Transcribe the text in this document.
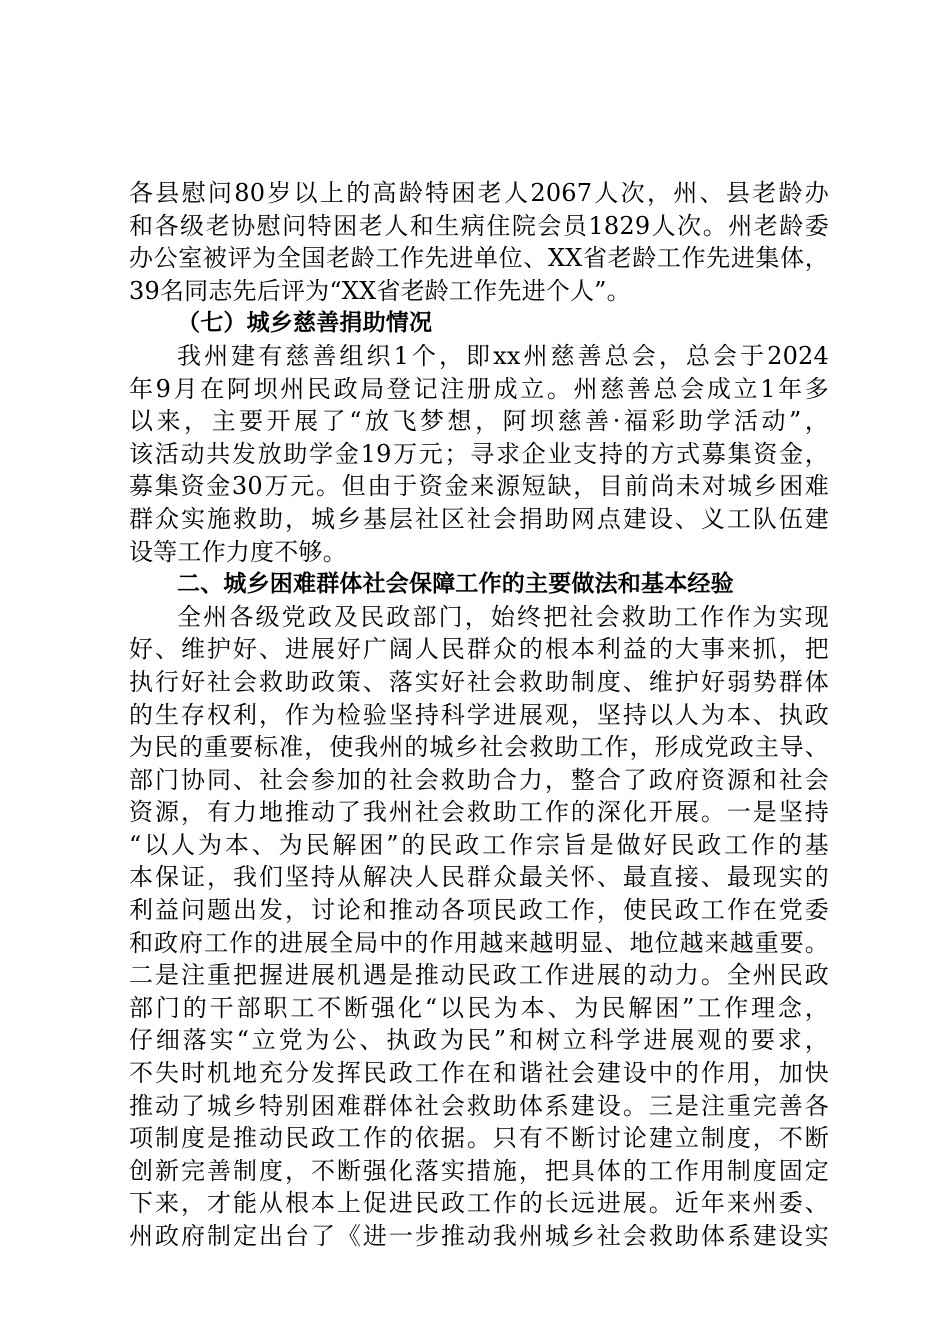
各县慰问80岁以上的高龄特困老人2067人次，州、县老龄办
和各级老协慰问特困老人和生病住院会员1829人次。州老龄委
办公室被评为全国老龄工作先进单位、XX省老龄工作先进集体，
39名同志先后评为“XX省老龄工作先进个人”。
（七）城乡慈善捐助情况
我州建有慈善组织1个，即xx州慈善总会，总会于2024
年9月在阿坝州民政局登记注册成立。州慈善总会成立1年多
以来，主要开展了“放飞梦想，阿坝慈善·福彩助学活动”，
该活动共发放助学金19万元；寻求企业支持的方式募集资金，
募集资金30万元。但由于资金来源短缺，目前尚未对城乡困难
群众实施救助，城乡基层社区社会捐助网点建设、义工队伍建
设等工作力度不够。
二、城乡困难群体社会保障工作的主要做法和基本经验
全州各级党政及民政部门，始终把社会救助工作作为实现
好、维护好、进展好广阔人民群众的根本利益的大事来抓，把
执行好社会救助政策、落实好社会救助制度、维护好弱势群体
的生存权利，作为检验坚持科学进展观，坚持以人为本、执政
为民的重要标准，使我州的城乡社会救助工作，形成党政主导、
部门协同、社会参加的社会救助合力，整合了政府资源和社会
资源，有力地推动了我州社会救助工作的深化开展。一是坚持
“以人为本、为民解困”的民政工作宗旨是做好民政工作的基
本保证，我们坚持从解决人民群众最关怀、最直接、最现实的
利益问题出发，讨论和推动各项民政工作，使民政工作在党委
和政府工作的进展全局中的作用越来越明显、地位越来越重要。
二是注重把握进展机遇是推动民政工作进展的动力。全州民政
部门的干部职工不断强化“以民为本、为民解困”工作理念，
仔细落实“立党为公、执政为民”和树立科学进展观的要求，
不失时机地充分发挥民政工作在和谐社会建设中的作用，加快
推动了城乡特别困难群体社会救助体系建设。三是注重完善各
项制度是推动民政工作的依据。只有不断讨论建立制度，不断
创新完善制度，不断强化落实措施，把具体的工作用制度固定
下来，才能从根本上促进民政工作的长远进展。近年来州委、
州政府制定出台了《进一步推动我州城乡社会救助体系建设实
